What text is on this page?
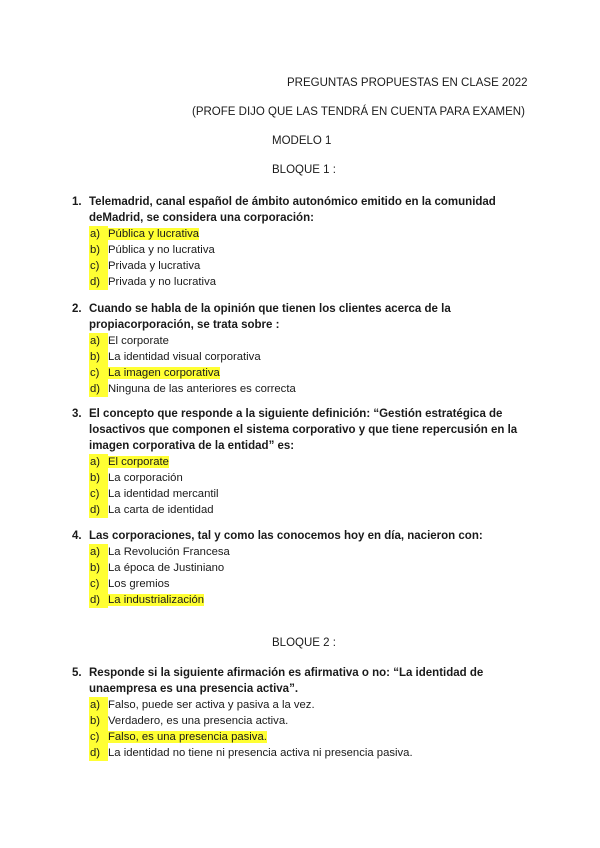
PREGUNTAS PROPUESTAS EN CLASE 2022
(PROFE DIJO QUE LAS TENDRÁ EN CUENTA PARA EXAMEN)
MODELO 1
BLOQUE 1 :
BLOQUE 2 :
1. Telemadrid, canal español de ámbito autonómico emitido en la comunidad
deMadrid, se considera una corporación:
a) Pública y lucrativa
b) Pública y no lucrativa
c) Privada y lucrativa
d) Privada y no lucrativa
2. Cuando se habla de la opinión que tienen los clientes acerca de la
propiacorporación, se trata sobre :
a) El corporate
b) La identidad visual corporativa
c) La imagen corporativa
d) Ninguna de las anteriores es correcta
3. El concepto que responde a la siguiente definición: “Gestión estratégica de
losactivos que componen el sistema corporativo y que tiene repercusión en la
imagen corporativa de la entidad” es:
a) El corporate
b) La corporación
c) La identidad mercantil
d) La carta de identidad
4. Las corporaciones, tal y como las conocemos hoy en día, nacieron con:
a) La Revolución Francesa
b) La época de Justiniano
c) Los gremios
d) La industrialización
5. Responde si la siguiente afirmación es afirmativa o no: “La identidad de
unaempresa es una presencia activa”.
a) Falso, puede ser activa y pasiva a la vez.
b) Verdadero, es una presencia activa.
c) Falso, es una presencia pasiva.
d) La identidad no tiene ni presencia activa ni presencia pasiva.
